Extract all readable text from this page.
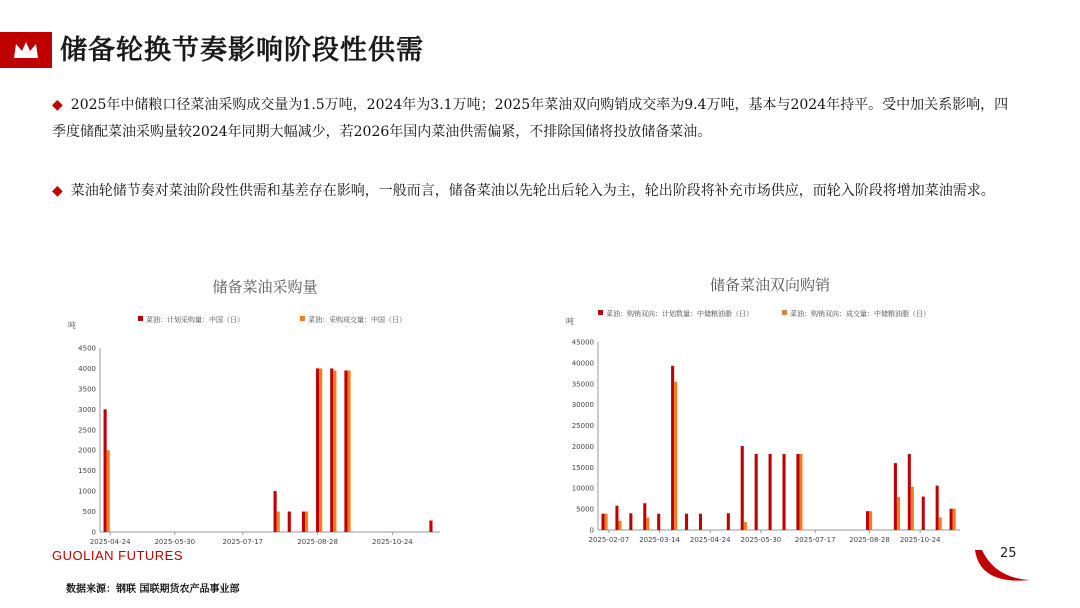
储备轮换节奏影响阶段性供需
◆ 2025年中储粮口径菜油采购成交量为1.5万吨，2024年为3.1万吨；2025年菜油双向购销成交率为9.4万吨，基本与2024年持平。受中加关系影响，四季度储配菜油采购量较2024年同期大幅减少，若2026年国内菜油供需偏紧，不排除国储将投放储备菜油。
◆ 菜油轮储节奏对菜油阶段性供需和基差存在影响，一般而言，储备菜油以先轮出后轮入为主，轮出阶段将补充市场供应，而轮入阶段将增加菜油需求。
储备菜油采购量
吨
菜油：计划采购量：中国（日）	菜油：采购成交量：中国（日）
0
500
1000
1500
2000
2500
3000
3500
4000
4500
2025-04-24	2025-05-30	2025-07-17	2025-08-28	2025-10-24
储备菜油双向购销
吨
菜油：购销双向：计划数量：中储粮油脂（日）	菜油：购销双向：成交量：中储粮油脂（日）
0
5000
10000
15000
20000
25000
30000
35000
40000
45000
2025-02-07 2025-03-14 2025-04-24 2025-05-30 2025-07-17 2025-08-28 2025-10-24
GUOLIAN FUTURES
数据来源：钢联 国联期货农产品事业部
25
